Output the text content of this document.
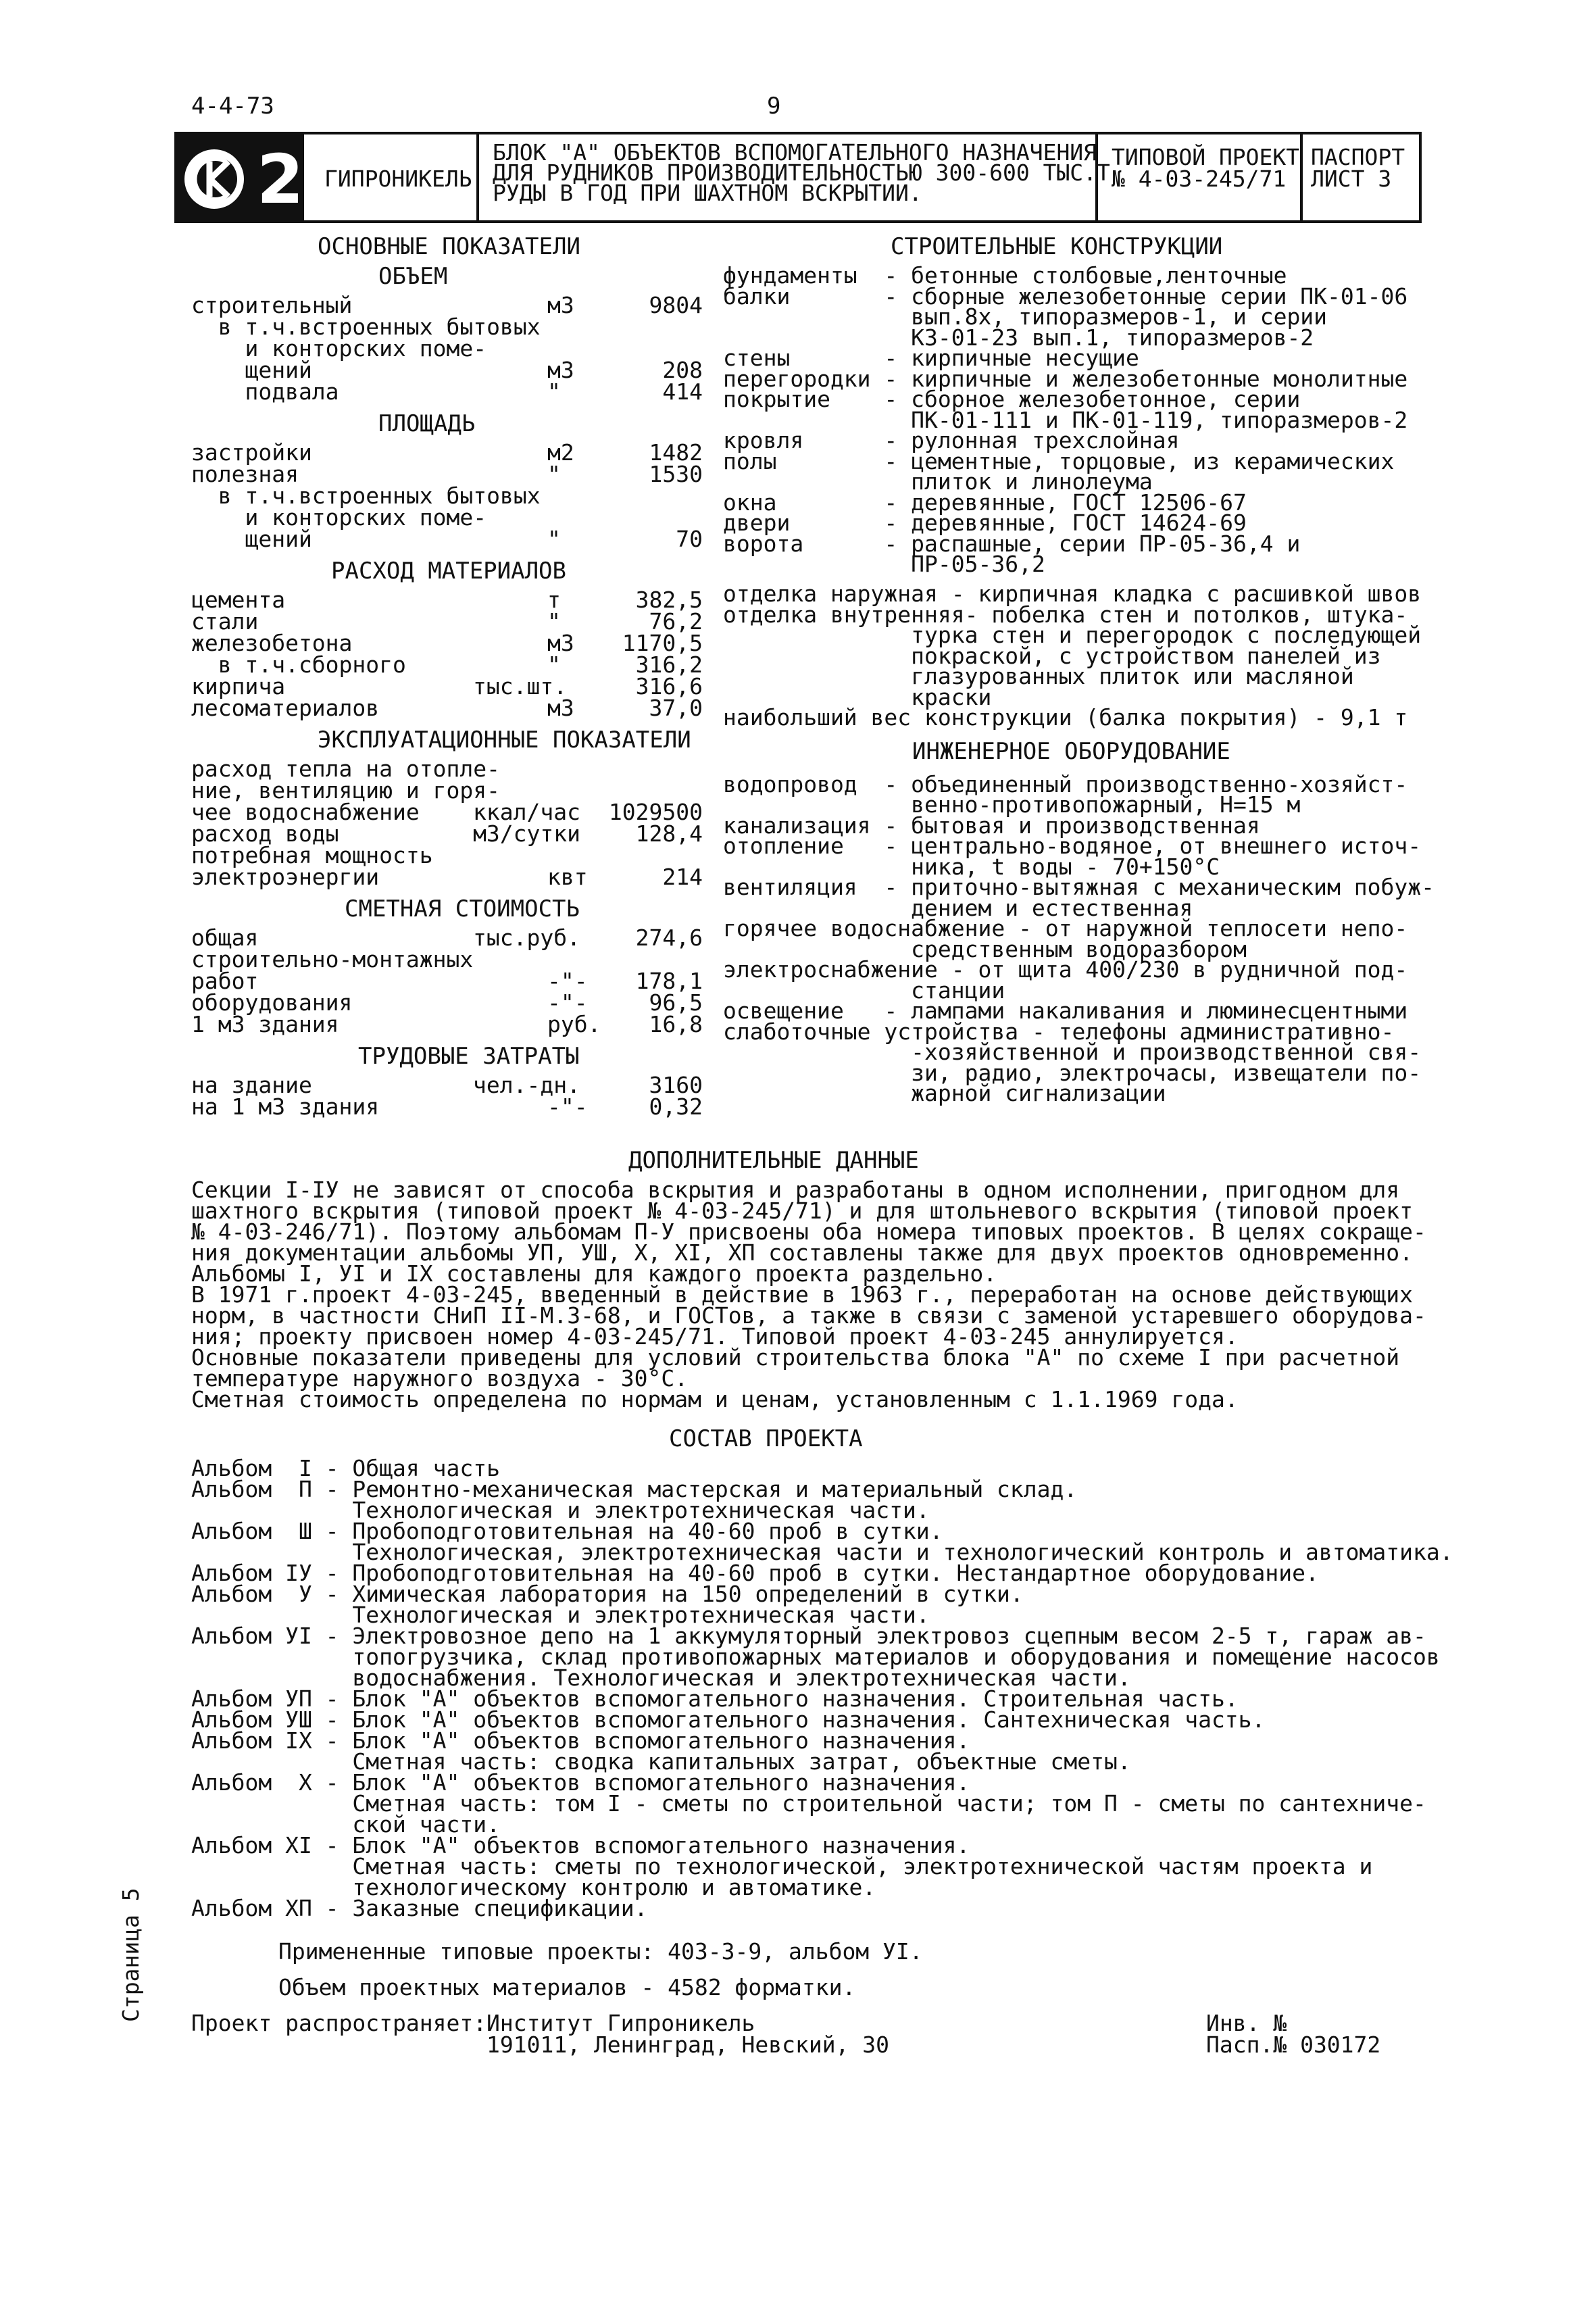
4-4-73	9
2 ГИПРОНИКЕЛЬ
БЛОК "А" ОБЪЕКТОВ ВСПОМОГАТЕЛЬНОГО НАЗНАЧЕНИЯ
ДЛЯ РУДНИКОВ ПРОИЗВОДИТЕЛЬНОСТЬЮ 300-600 ТЫС.Т
РУДЫ В ГОД ПРИ ШАХТНОМ ВСКРЫТИИ.
ТИПОВОЙ ПРОЕКТ
№ 4-03-245/71
ПАСПОРТ
ЛИСТ 3
ОСНОВНЫЕ ПОКАЗАТЕЛИ
ОБЪЕМ
строительный	м3	9804
в т.ч.встроенных бытовых
и конторских поме-
щений	м3	208
подвала	"	414
ПЛОЩАДЬ
застройки	м2	1482
полезная	"	1530
в т.ч.встроенных бытовых
и конторских поме-
щений	"	70
РАСХОД МАТЕРИАЛОВ
цемента	т	382,5
стали	"	76,2
железобетона	м3	1170,5
в т.ч.сборного	"	316,2
кирпича	тыс.шт.	316,6
лесоматериалов	м3	37,0
ЭКСПЛУАТАЦИОННЫЕ ПОКАЗАТЕЛИ
расход тепла на отопле-
ние, вентиляцию и горя-
чее водоснабжение ккал/час	1029500
расход воды	м3/сутки	128,4
потребная мощность
электроэнергии	квт	214
СМЕТНАЯ СТОИМОСТЬ
общая	тыс.руб.	274,6
строительно-монтажных
работ	-"-	178,1
оборудования	-"-	96,5
1 м3 здания	руб.	16,8
ТРУДОВЫЕ ЗАТРАТЫ
на здание	чел.-дн.	3160
на 1 м3 здания	-"-	0,32
СТРОИТЕЛЬНЫЕ КОНСТРУКЦИИ
фундаменты  - бетонные столбовые,ленточные
балки       - сборные железобетонные серии ПК-01-06
вып.8х, типоразмеров-1, и серии
КЗ-01-23 вып.1, типоразмеров-2
стены       - кирпичные несущие
перегородки - кирпичные и железобетонные монолитные
покрытие    - сборное железобетонное, серии
ПК-01-111 и ПК-01-119, типоразмеров-2
кровля      - рулонная трехслойная
полы        - цементные, торцовые, из керамических
плиток и линолеума
окна        - деревянные, ГОСТ 12506-67
двери       - деревянные, ГОСТ 14624-69
ворота      - распашные, серии ПР-05-36,4 и
ПР-05-36,2
отделка наружная - кирпичная кладка с расшивкой швов
отделка внутренняя- побелка стен и потолков, штука-
турка стен и перегородок с последующей
покраской, с устройством панелей из
глазурованных плиток или масляной
краски
наибольший вес конструкции (балка покрытия) - 9,1 т
ИНЖЕНЕРНОЕ ОБОРУДОВАНИЕ
водопровод  - объединенный производственно-хозяйст-
венно-противопожарный, Н=15 м
канализация - бытовая и производственная
отопление   - центрально-водяное, от внешнего источ-
ника, t воды - 70+150°С
вентиляция  - приточно-вытяжная с механическим побуж-
дением и естественная
горячее водоснабжение - от наружной теплосети непо-
средственным водоразбором
электроснабжение - от щита 400/230 в рудничной под-
станции
освещение   - лампами накаливания и люминесцентными
слаботочные устройства - телефоны административно-
-хозяйственной и производственной свя-
зи, радио, электрочасы, извещатели по-
жарной сигнализации
ДОПОЛНИТЕЛЬНЫЕ ДАННЫЕ
Секции I-IУ не зависят от способа вскрытия и разработаны в одном исполнении, пригодном для
шахтного вскрытия (типовой проект № 4-03-245/71) и для штольневого вскрытия (типовой проект
№ 4-03-246/71). Поэтому альбомам П-У присвоены оба номера типовых проектов. В целях сокраще-
ния документации альбомы УП, УШ, Х, ХI, ХП составлены также для двух проектов одновременно.
Альбомы I, УI и IХ составлены для каждого проекта раздельно.
В 1971 г.проект 4-03-245, введенный в действие в 1963 г., переработан на основе действующих
норм, в частности СНиП II-М.3-68, и ГОСТов, а также в связи с заменой устаревшего оборудова-
ния; проекту присвоен номер 4-03-245/71. Типовой проект 4-03-245 аннулируется.
Основные показатели приведены для условий строительства блока "А" по схеме I при расчетной
температуре наружного воздуха - 30°С.
Сметная стоимость определена по нормам и ценам, установленным с 1.1.1969 года.
СОСТАВ ПРОЕКТА
Альбом  I - Общая часть
Альбом  П - Ремонтно-механическая мастерская и материальный склад.
Технологическая и электротехническая части.
Альбом  Ш - Пробоподготовительная на 40-60 проб в сутки.
Технологическая, электротехническая части и технологический контроль и автоматика.
Альбом IУ - Пробоподготовительная на 40-60 проб в сутки. Нестандартное оборудование.
Альбом  У - Химическая лаборатория на 150 определений в сутки.
Технологическая и электротехническая части.
Альбом УI - Электровозное депо на 1 аккумуляторный электровоз сцепным весом 2-5 т, гараж ав-
топогрузчика, склад противопожарных материалов и оборудования и помещение насосов
водоснабжения. Технологическая и электротехническая части.
Альбом УП - Блок "А" объектов вспомогательного назначения. Строительная часть.
Альбом УШ - Блок "А" объектов вспомогательного назначения. Сантехническая часть.
Альбом IХ - Блок "А" объектов вспомогательного назначения.
Сметная часть: сводка капитальных затрат, объектные сметы.
Альбом  Х - Блок "А" объектов вспомогательного назначения.
Сметная часть: том I - сметы по строительной части; том П - сметы по сантехниче-
ской части.
Альбом ХI - Блок "А" объектов вспомогательного назначения.
Сметная часть: сметы по технологической, электротехнической частям проекта и
технологическому контролю и автоматике.
Альбом ХП - Заказные спецификации.
Примененные типовые проекты: 403-3-9, альбом УI.
Объем проектных материалов - 4582 форматки.
Проект распространяет: Институт Гипроникель
191011, Ленинград, Невский, 30
Инв. №
Пасп.№ 030172
Страница 5
